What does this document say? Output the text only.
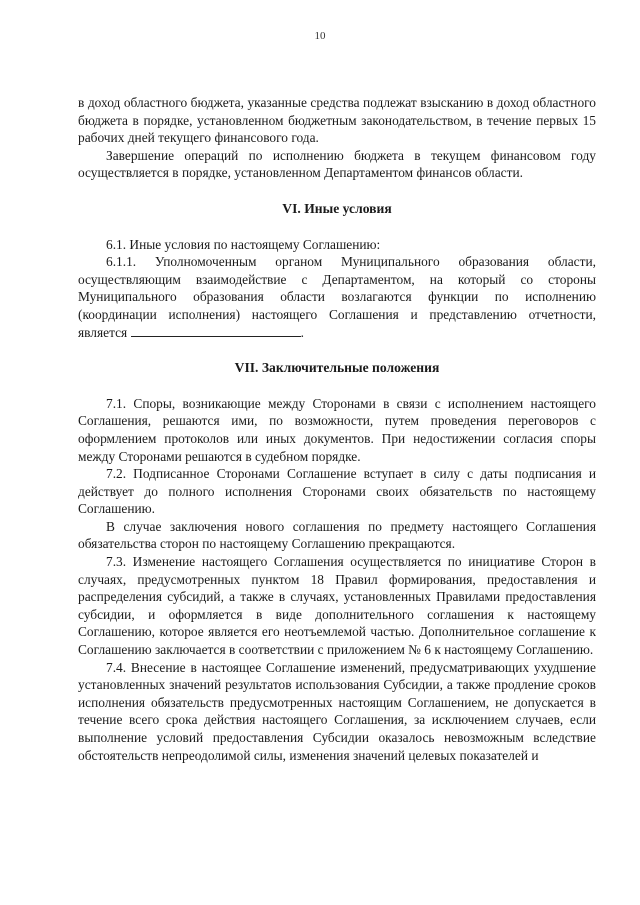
10

в доход областного бюджета, указанные средства подлежат взысканию в доход областного бюджета в порядке, установленном бюджетным законодательством, в течение первых 15 рабочих дней текущего финансового года.

Завершение операций по исполнению бюджета в текущем финансовом году осуществляется в порядке, установленном Департаментом финансов области.

VI. Иные условия

6.1. Иные условия по настоящему Соглашению:

6.1.1. Уполномоченным органом Муниципального образования области, осуществляющим взаимодействие с Департаментом, на который со стороны Муниципального образования области возлагаются функции по исполнению (координации исполнения) настоящего Соглашения и представлению отчетности, является	.

VII. Заключительные положения

7.1. Споры, возникающие между Сторонами в связи с исполнением настоящего Соглашения, решаются ими, по возможности, путем проведения переговоров с оформлением протоколов или иных документов. При недостижении согласия споры между Сторонами решаются в судебном порядке.

7.2. Подписанное Сторонами Соглашение вступает в силу с даты подписания и действует до полного исполнения Сторонами своих обязательств по настоящему Соглашению.

В случае заключения нового соглашения по предмету настоящего Соглашения обязательства сторон по настоящему Соглашению прекращаются.

7.3. Изменение настоящего Соглашения осуществляется по инициативе Сторон в случаях, предусмотренных пунктом 18 Правил формирования, предоставления и распределения субсидий, а также в случаях, установленных Правилами предоставления субсидии, и оформляется в виде дополнительного соглашения к настоящему Соглашению, которое является его неотъемлемой частью. Дополнительное соглашение к Соглашению заключается в соответствии с приложением № 6 к настоящему Соглашению.

7.4. Внесение в настоящее Соглашение изменений, предусматривающих ухудшение установленных значений результатов использования Субсидии, а также продление сроков исполнения обязательств предусмотренных настоящим Соглашением, не допускается в течение всего срока действия настоящего Соглашения, за исключением случаев, если выполнение условий предоставления Субсидии оказалось невозможным вследствие обстоятельств непреодолимой силы, изменения значений целевых показателей и
